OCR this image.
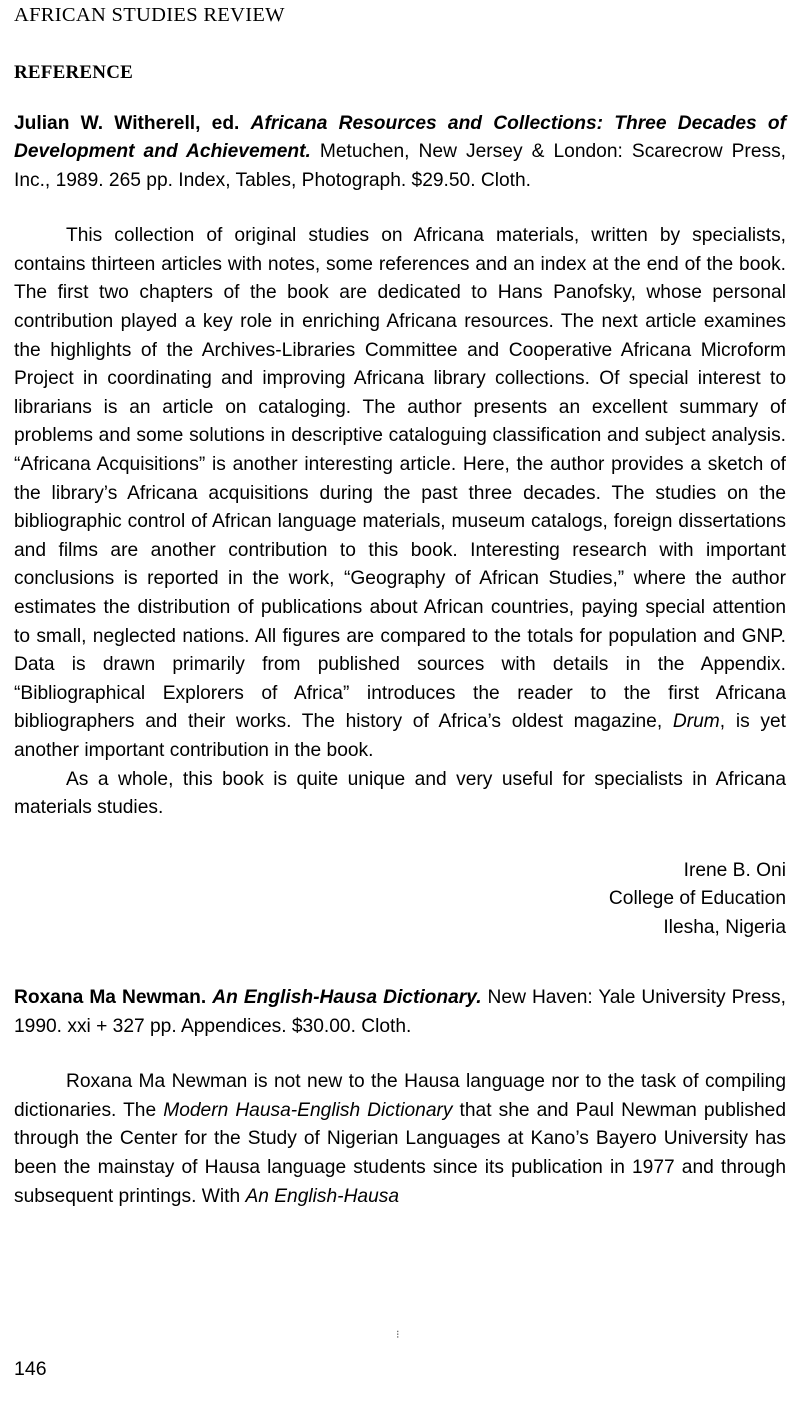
AFRICAN STUDIES REVIEW
REFERENCE

Julian W. Witherell, ed. Africana Resources and Collections: Three Decades of Development and Achievement. Metuchen, New Jersey & London: Scarecrow Press, Inc., 1989. 265 pp. Index, Tables, Photograph. $29.50. Cloth.

This collection of original studies on Africana materials, written by specialists, contains thirteen articles with notes, some references and an index at the end of the book. The first two chapters of the book are dedicated to Hans Panofsky, whose personal contribution played a key role in enriching Africana resources. The next article examines the highlights of the Archives-Libraries Committee and Cooperative Africana Microform Project in coordinating and improving Africana library collections. Of special interest to librarians is an article on cataloging. The author presents an excellent summary of problems and some solutions in descriptive cataloguing classification and subject analysis. “Africana Acquisitions” is another interesting article. Here, the author provides a sketch of the library’s Africana acquisitions during the past three decades. The studies on the bibliographic control of African language materials, museum catalogs, foreign dissertations and films are another contribution to this book. Interesting research with important conclusions is reported in the work, “Geography of African Studies,” where the author estimates the distribution of publications about African countries, paying special attention to small, neglected nations. All figures are compared to the totals for population and GNP. Data is drawn primarily from published sources with details in the Appendix. “Bibliographical Explorers of Africa” introduces the reader to the first Africana bibliographers and their works. The history of Africa’s oldest magazine, Drum, is yet another important contribution in the book.

As a whole, this book is quite unique and very useful for specialists in Africana materials studies.

Irene B. Oni
College of Education
Ilesha, Nigeria

Roxana Ma Newman. An English-Hausa Dictionary. New Haven: Yale University Press, 1990. xxi + 327 pp. Appendices. $30.00. Cloth.

Roxana Ma Newman is not new to the Hausa language nor to the task of compiling dictionaries. The Modern Hausa-English Dictionary that she and Paul Newman published through the Center for the Study of Nigerian Languages at Kano’s Bayero University has been the mainstay of Hausa language students since its publication in 1977 and through subsequent printings. With An English-Hausa

⁝
146
